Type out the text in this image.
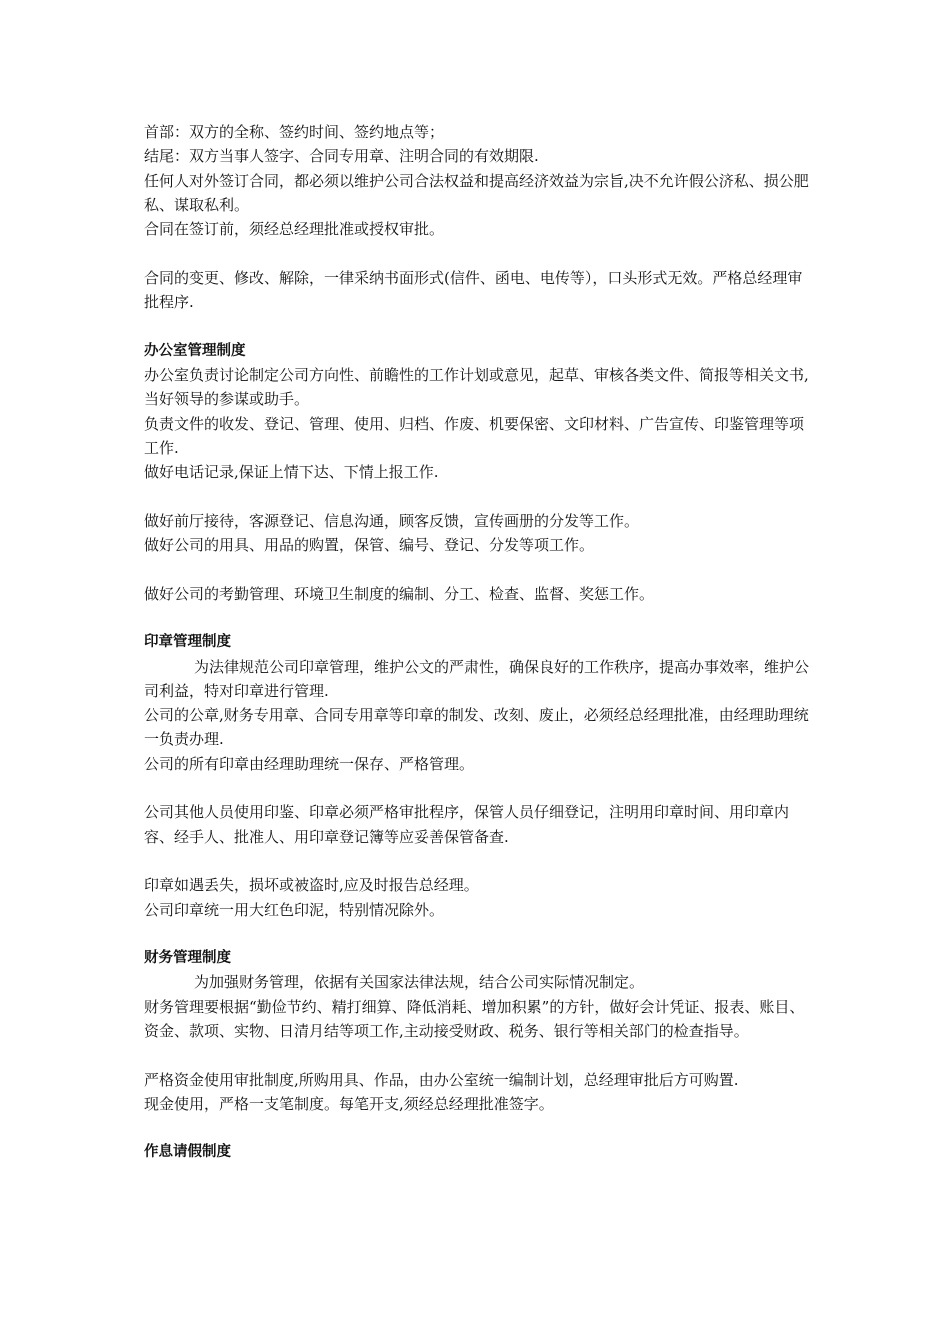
首部：双方的全称、签约时间、签约地点等；
结尾：双方当事人签字、合同专用章、注明合同的有效期限.
任何人对外签订合同，都必须以维护公司合法权益和提高经济效益为宗旨,决不允许假公济私、损公肥私、谋取私利。
合同在签订前，须经总经理批准或授权审批。
合同的变更、修改、解除，一律采纳书面形式(信件、函电、电传等），口头形式无效。严格总经理审批程序.
办公室管理制度
办公室负责讨论制定公司方向性、前瞻性的工作计划或意见，起草、审核各类文件、简报等相关文书,当好领导的参谋或助手。
负责文件的收发、登记、管理、使用、归档、作废、机要保密、文印材料、广告宣传、印鉴管理等项工作.
做好电话记录,保证上情下达、下情上报工作.
做好前厅接待，客源登记、信息沟通，顾客反馈，宣传画册的分发等工作。
做好公司的用具、用品的购置，保管、编号、登记、分发等项工作。
做好公司的考勤管理、环境卫生制度的编制、分工、检查、监督、奖惩工作。
印章管理制度
为法律规范公司印章管理，维护公文的严肃性，确保良好的工作秩序，提高办事效率，维护公司利益，特对印章进行管理.
公司的公章,财务专用章、合同专用章等印章的制发、改刻、废止，必须经总经理批准，由经理助理统一负责办理.
公司的所有印章由经理助理统一保存、严格管理。
公司其他人员使用印鉴、印章必须严格审批程序，保管人员仔细登记，注明用印章时间、用印章内容、经手人、批准人、用印章登记簿等应妥善保管备查.
印章如遇丢失，损坏或被盗时,应及时报告总经理。
公司印章统一用大红色印泥，特别情况除外。
财务管理制度
为加强财务管理，依据有关国家法律法规，结合公司实际情况制定。
财务管理要根据“勤俭节约、精打细算、降低消耗、增加积累”的方针，做好会计凭证、报表、账目、资金、款项、实物、日清月结等项工作,主动接受财政、税务、银行等相关部门的检查指导。
严格资金使用审批制度,所购用具、作品，由办公室统一编制计划，总经理审批后方可购置.
现金使用，严格一支笔制度。每笔开支,须经总经理批准签字。
作息请假制度
